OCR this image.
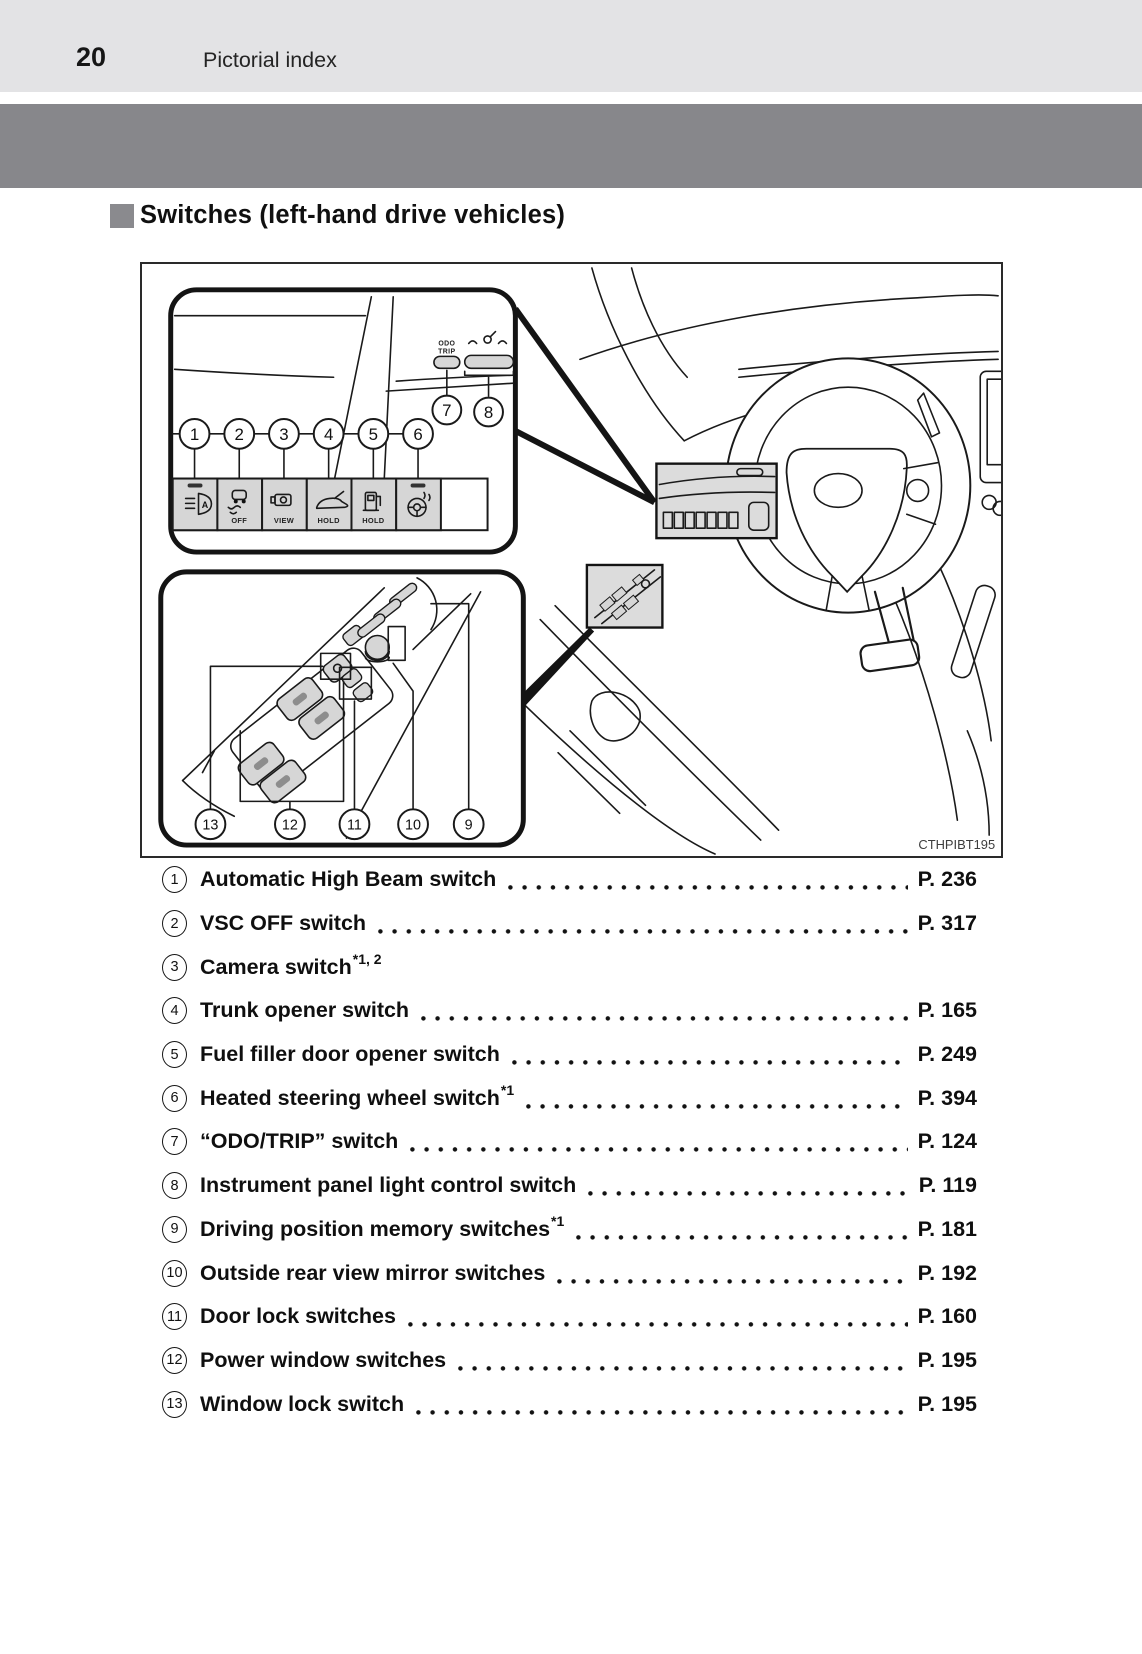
20	Pictorial index
Switches (left-hand drive vehicles)
ODO
TRIP
7 8
1 2 3 4 5 6
A
OFF	VIEW	HOLD	HOLD
13	12	11	10	9
CTHPIBT195
1 Automatic High Beam switch	P. 236
2 VSC OFF switch	P. 317
3 Camera switch *1, 2
4 Trunk opener switch	P. 165
5 Fuel filler door opener switch	P. 249
6 Heated steering wheel switch *1	P. 394
7 “ODO/TRIP” switch	P. 124
8 Instrument panel light control switch	P. 119
9 Driving position memory switches *1	P. 181
10 Outside rear view mirror switches	P. 192
11 Door lock switches	P. 160
12 Power window switches	P. 195
13 Window lock switch	P. 195
